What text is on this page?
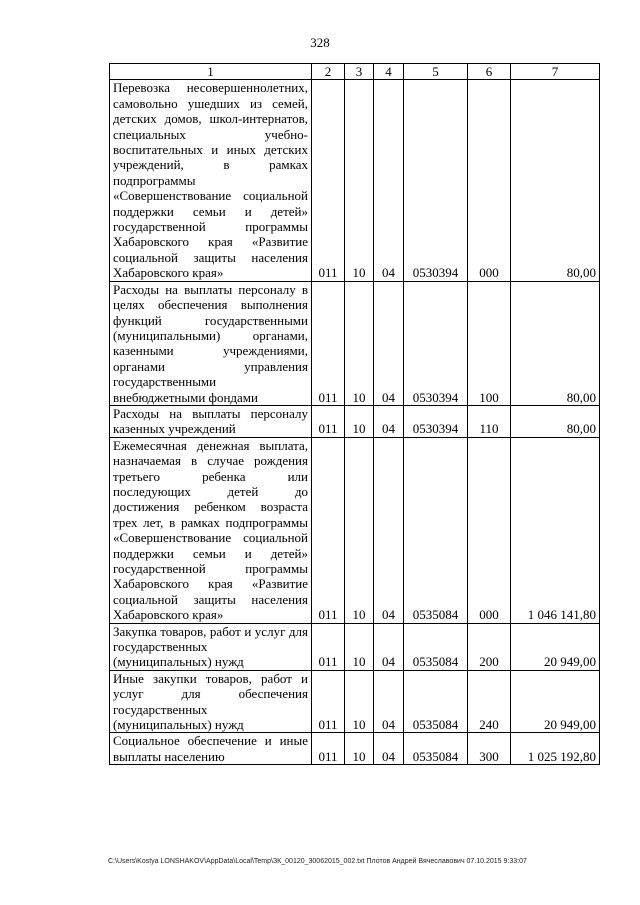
328
1	2	3	4	5	6	7
Перевозка несовершеннолетних, самовольно ушедших из семей, детских домов, школ-интернатов, специальных учебно-воспитательных и иных детских учреждений, в рамках подпрограммы «Совершенствование социальной поддержки семьи и детей» государственной программы Хабаровского края «Развитие социальной защиты населения Хабаровского края»	011	10	04	0530394	000	80,00
Расходы на выплаты персоналу в целях обеспечения выполнения функций государственными (муниципальными) органами, казенными учреждениями, органами управления государственными внебюджетными фондами	011	10	04	0530394	100	80,00
Расходы на выплаты персоналу казенных учреждений	011	10	04	0530394	110	80,00
Ежемесячная денежная выплата, назначаемая в случае рождения третьего ребенка или последующих детей до достижения ребенком возраста трех лет, в рамках подпрограммы «Совершенствование социальной поддержки семьи и детей» государственной программы Хабаровского края «Развитие социальной защиты населения Хабаровского края»	011	10	04	0535084	000	1 046 141,80
Закупка товаров, работ и услуг для государственных (муниципальных) нужд	011	10	04	0535084	200	20 949,00
Иные закупки товаров, работ и услуг для обеспечения государственных (муниципальных) нужд	011	10	04	0535084	240	20 949,00
Социальное обеспечение и иные выплаты населению	011	10	04	0535084	300	1 025 192,80
C:\Users\Kostya LONSHAKOV\AppData\Local\Temp\ЗК_00120_30062015_002.txt Плотов Андрей Вячеславович 07.10.2015 9:33:07
